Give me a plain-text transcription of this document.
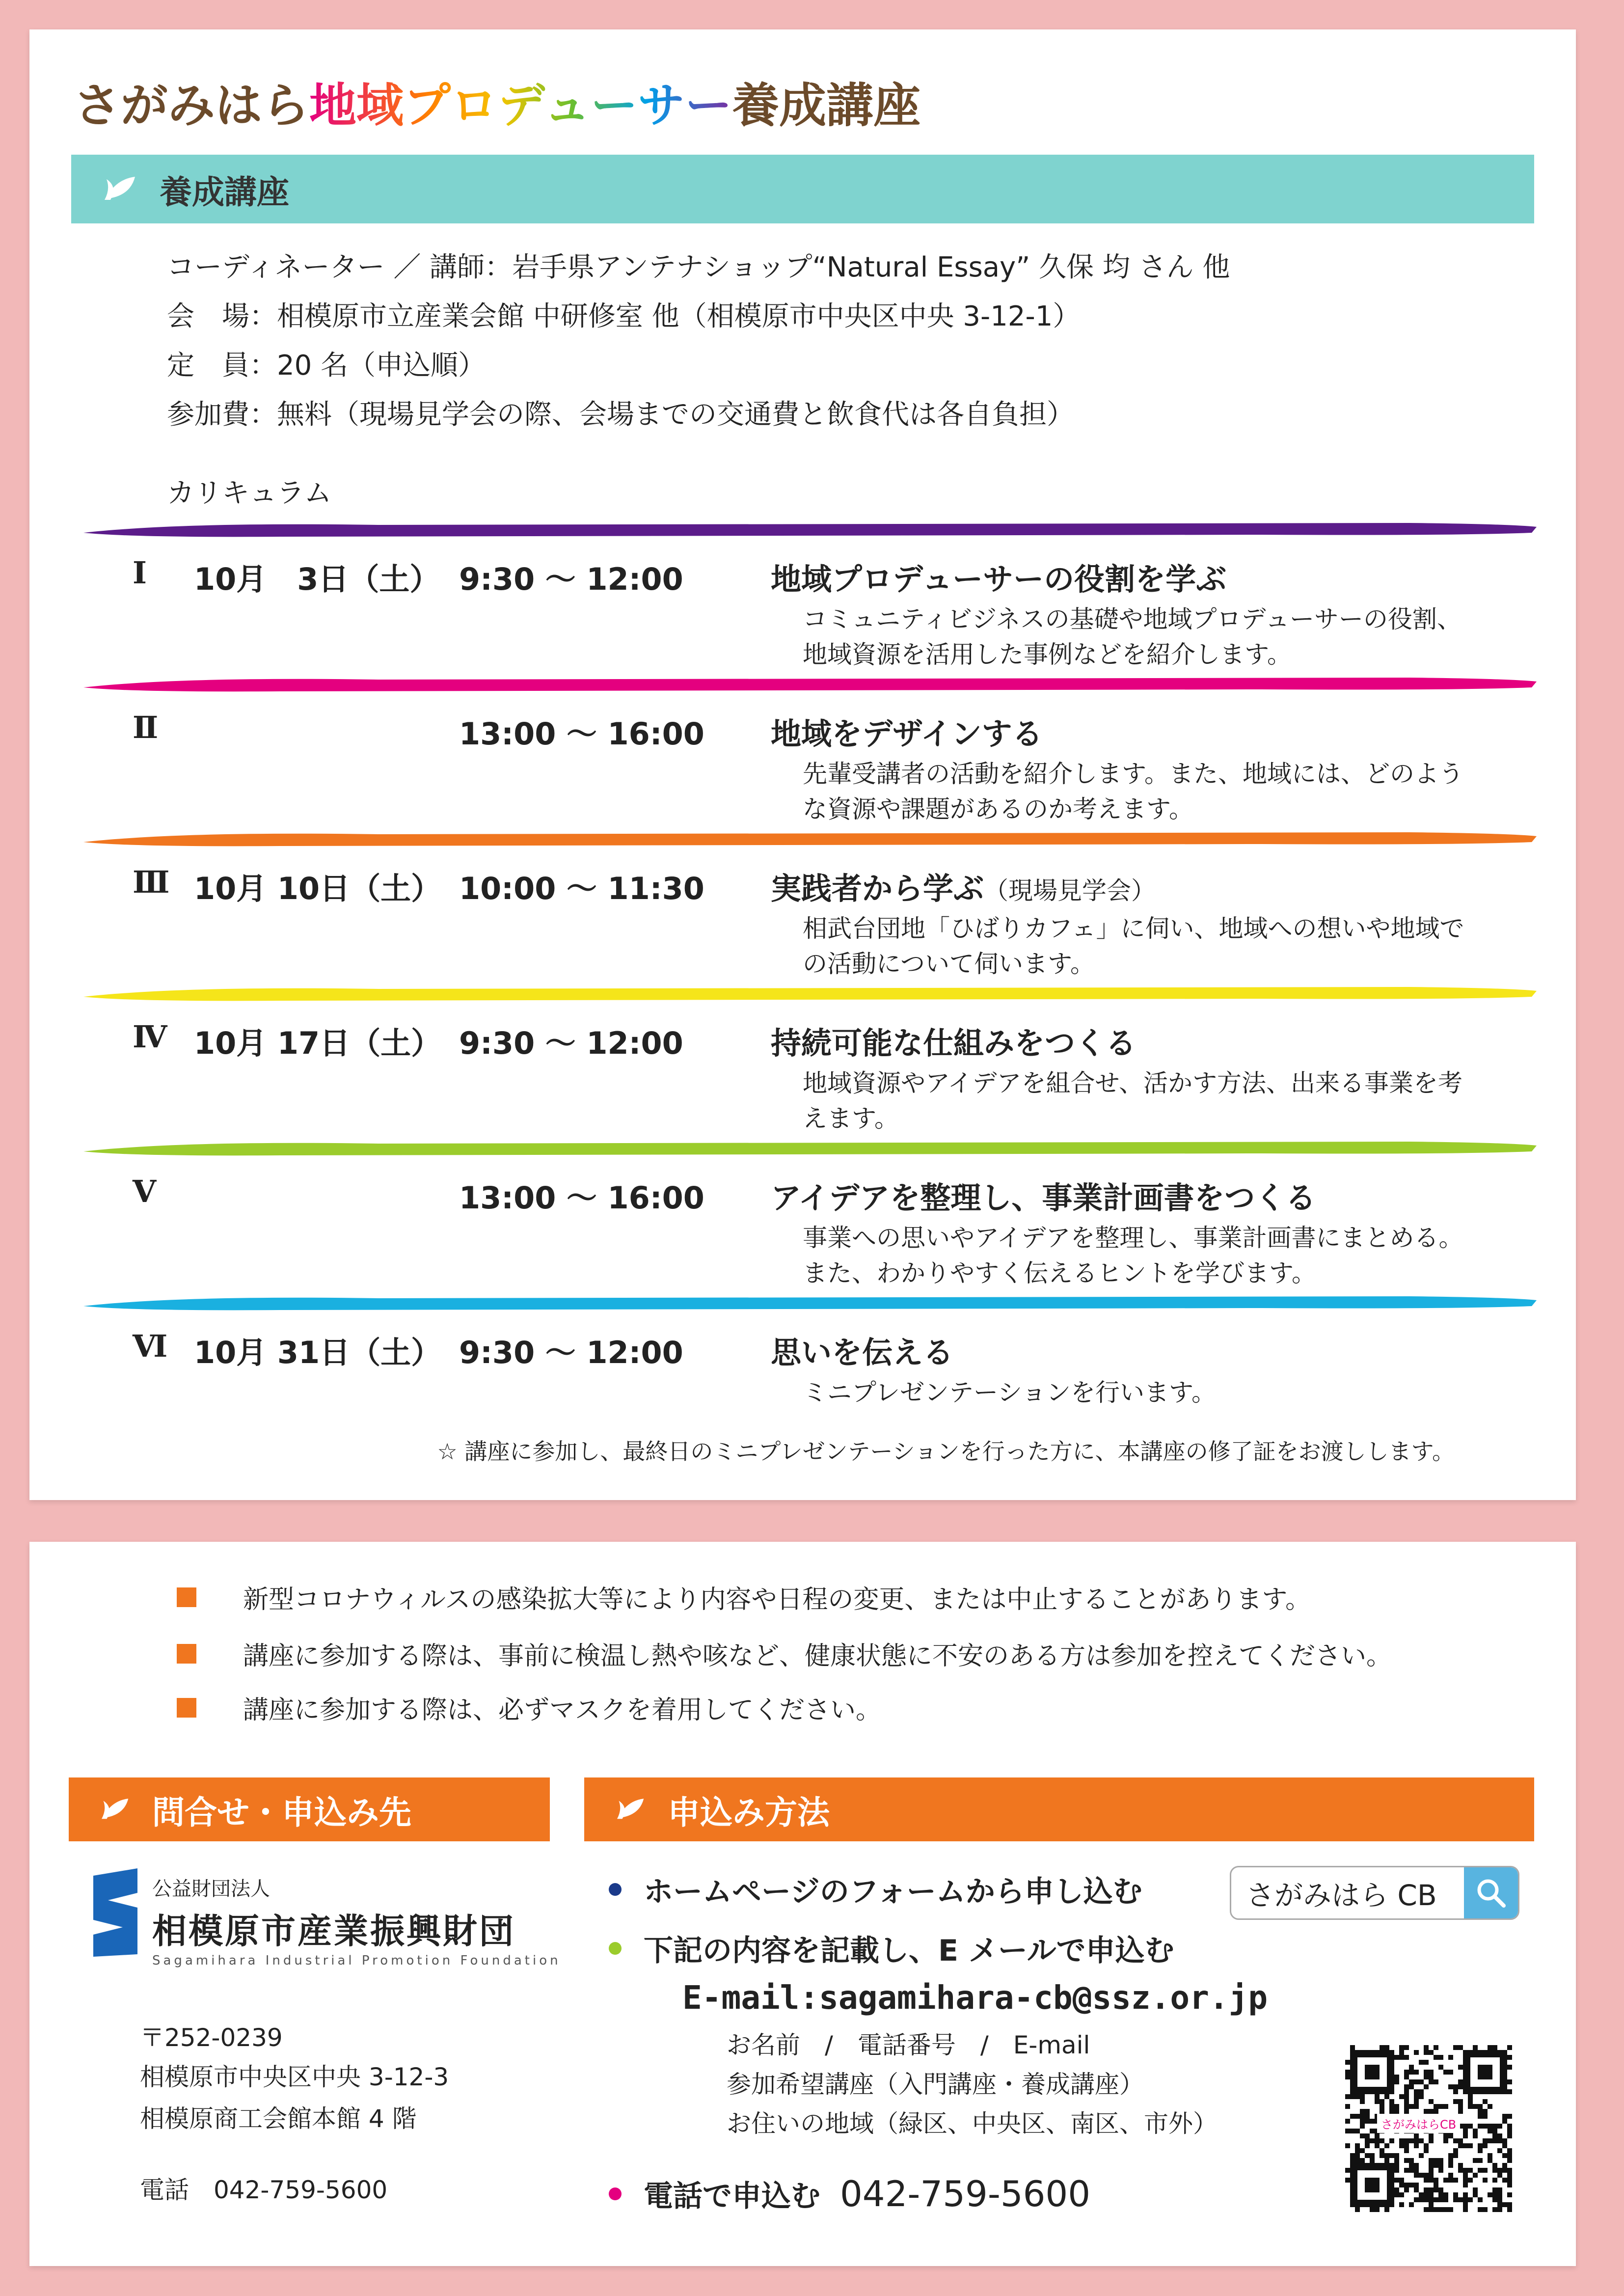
さがみはら地域プロデューサー養成講座
養成講座
コーディネーター ／ 講師：岩手県アンテナショップ“Natural Essay” 久保 均 さん 他
会　場：相模原市立産業会館 中研修室 他（相模原市中央区中央 3-12-1）
定　員：20 名（申込順）
参加費：無料（現場見学会の際、会場までの交通費と飲食代は各自負担）
カリキュラム
Ⅰ 10月　3日（土） 9:30 ～ 12:00	地域プロデューサーの役割を学ぶ
コミュニティビジネスの基礎や地域プロデューサーの役割、地域資源を活用した事例などを紹介します。
Ⅱ	13:00 ～ 16:00 地域をデザインする
先輩受講者の活動を紹介します。また、地域には、どのような資源や課題があるのか考えます。
Ⅲ 10月 10日（土） 10:00 ～ 11:30 実践者から学ぶ（現場見学会）
相武台団地「ひばりカフェ」に伺い、地域への想いや地域での活動について伺います。
Ⅳ 10月 17日（土） 9:30 ～ 12:00	持続可能な仕組みをつくる
地域資源やアイデアを組合せ、活かす方法、出来る事業を考えます。
Ⅴ	13:00 ～ 16:00 アイデアを整理し、事業計画書をつくる
事業への思いやアイデアを整理し、事業計画書にまとめる。また、わかりやすく伝えるヒントを学びます。
Ⅵ 10月 31日（土） 9:30 ～ 12:00	思いを伝える
ミニプレゼンテーションを行います。
☆ 講座に参加し、最終日のミニプレゼンテーションを行った方に、本講座の修了証をお渡しします。
新型コロナウィルスの感染拡大等により内容や日程の変更、または中止することがあります。
講座に参加する際は、事前に検温し熱や咳など、健康状態に不安のある方は参加を控えてください。
講座に参加する際は、必ずマスクを着用してください。
問合せ・申込み先	申込み方法
公益財団法人
相模原市産業振興財団
Sagamihara Industrial Promotion Foundation
〒252-0239
相模原市中央区中央 3-12-3
相模原商工会館本館 4 階
電話　042-759-5600
ホームページのフォームから申し込む	さがみはら CB
下記の内容を記載し、E メールで申込む
E-mail:sagamihara-cb@ssz.or.jp
お名前　/　電話番号　/　E-mail
参加希望講座（入門講座・養成講座）
お住いの地域（緑区、中央区、南区、市外）
電話で申込む 042-759-5600
さがみはらCB
